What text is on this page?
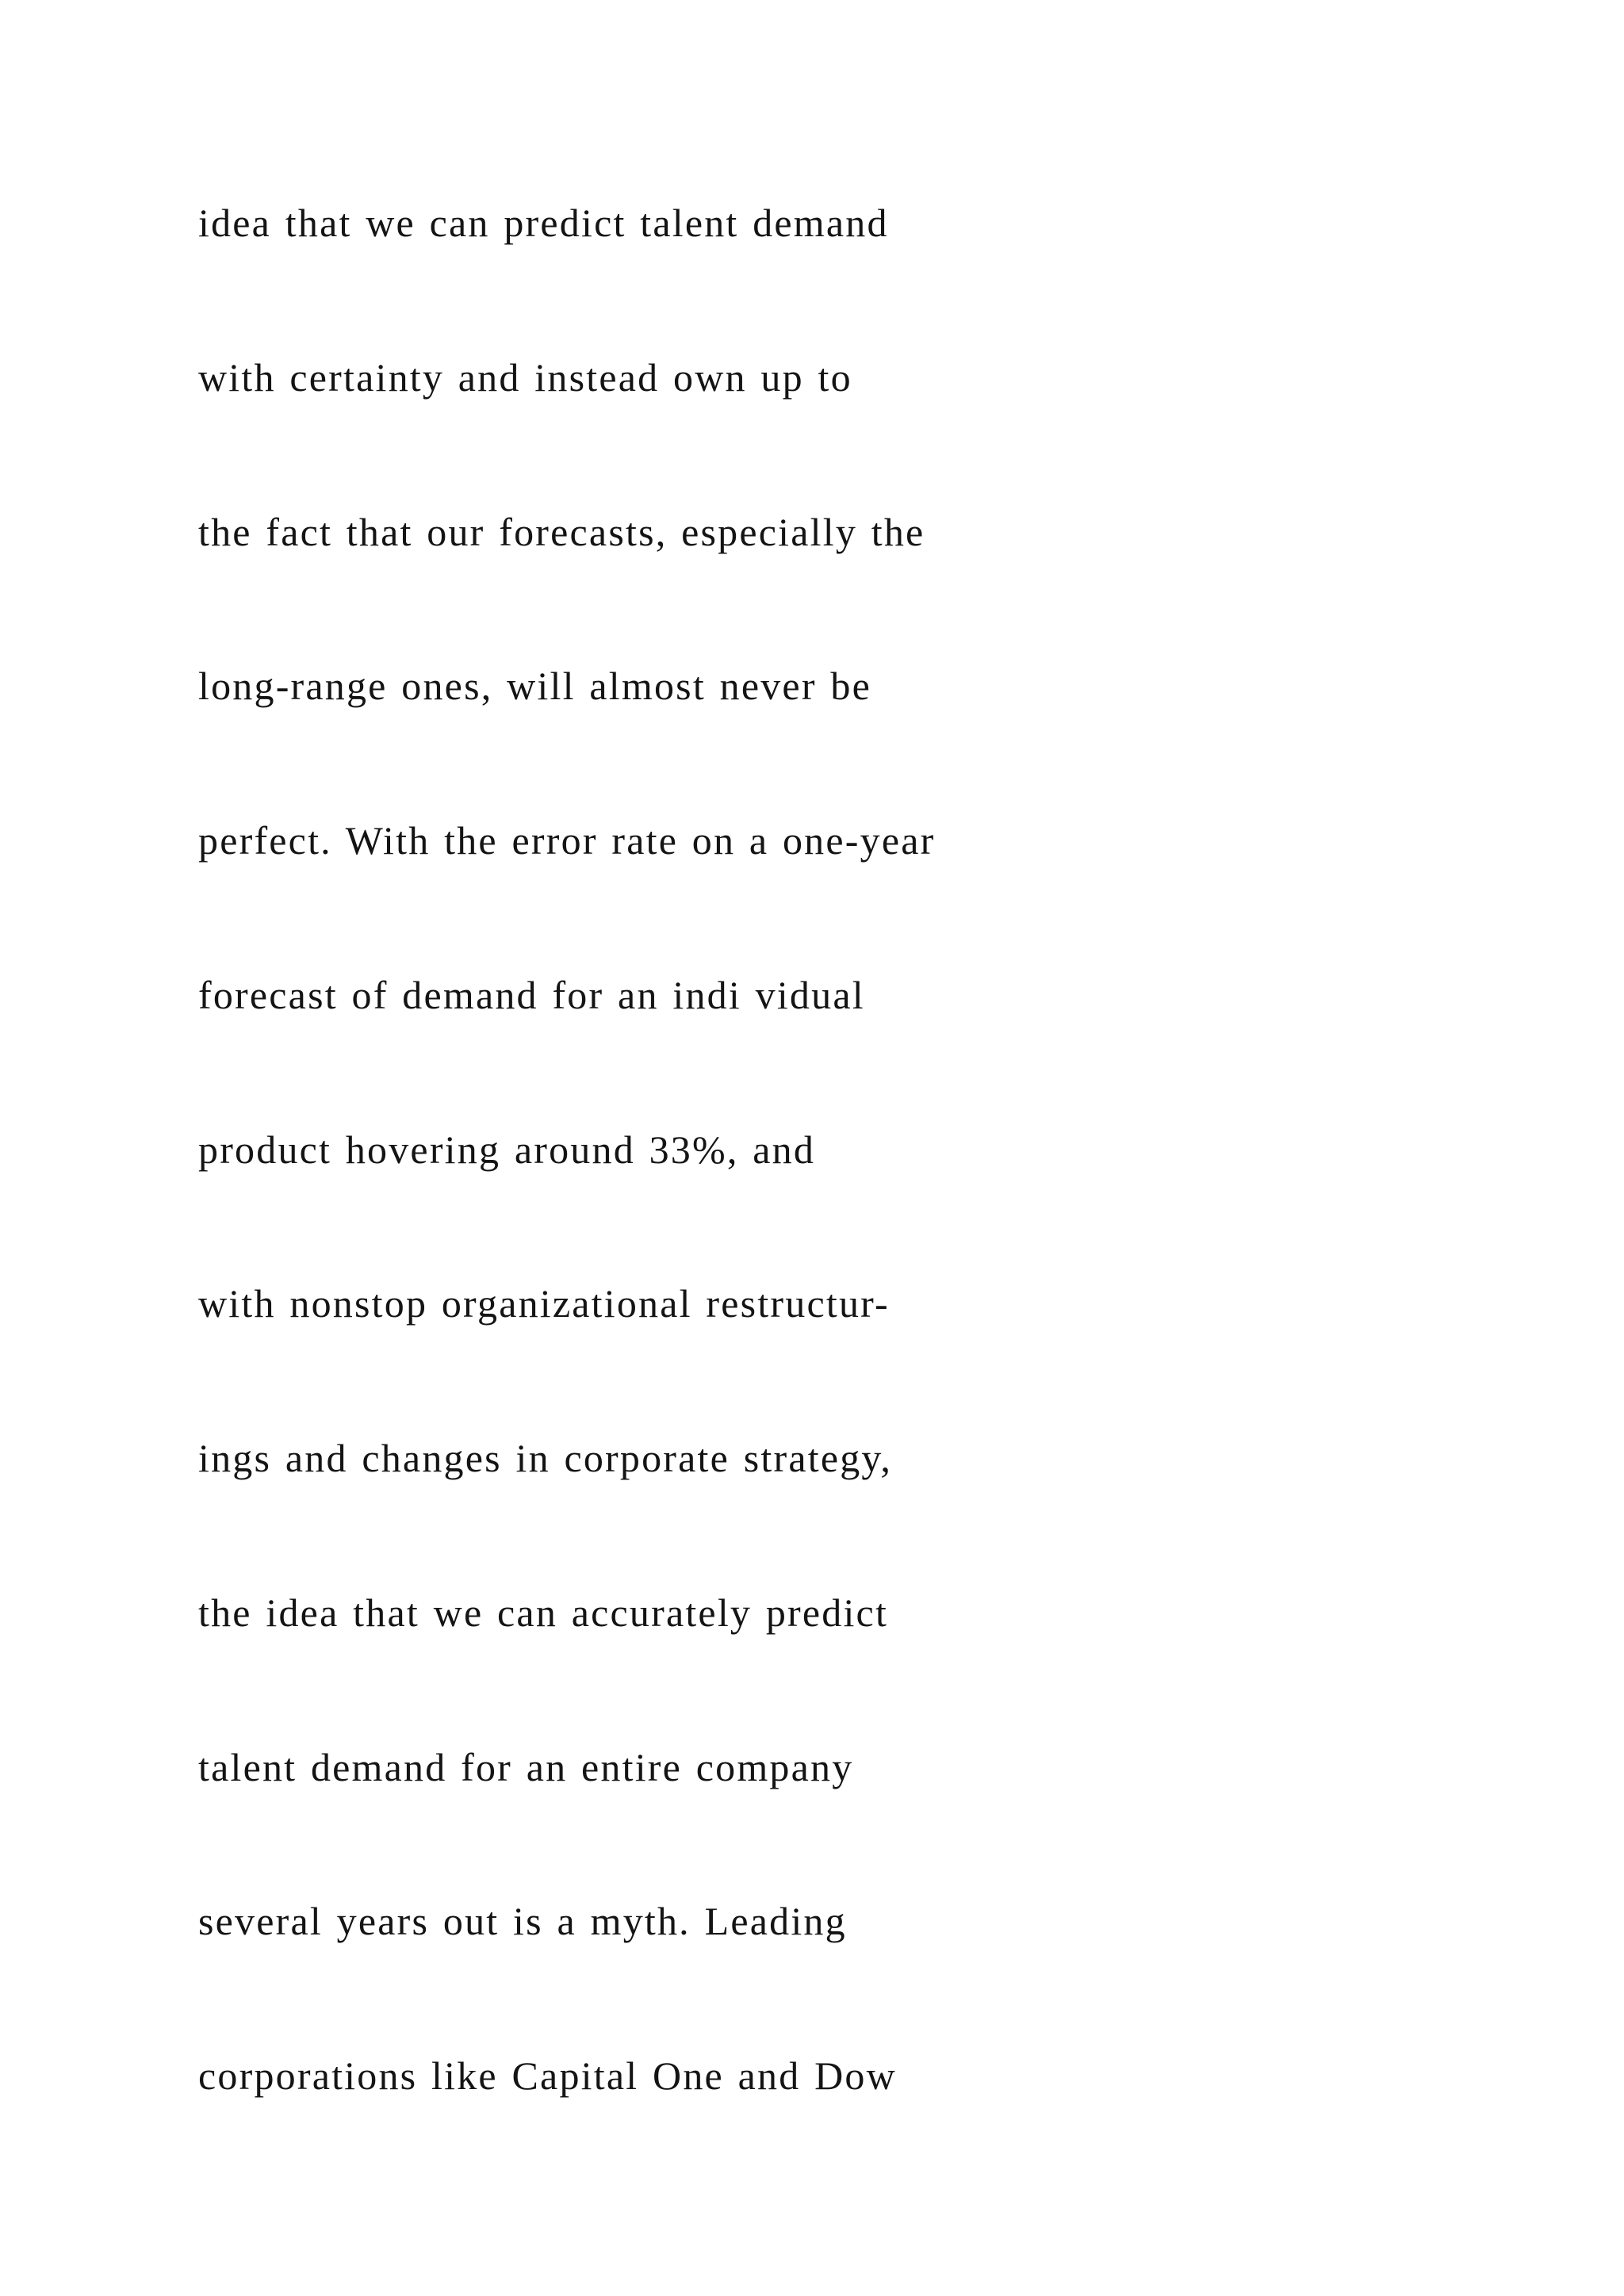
idea that we can predict talent demand
with certainty and instead own up to
the fact that our forecasts, especially the
long-range ones, will almost never be
perfect. With the error rate on a one-year
forecast of demand for an indi vidual
product hovering around 33%, and
with nonstop organizational restructur-
ings and changes in corporate strategy,
the idea that we can accurately predict
talent demand for an entire company
several years out is a myth. Leading
corporations like Capital One and Dow
